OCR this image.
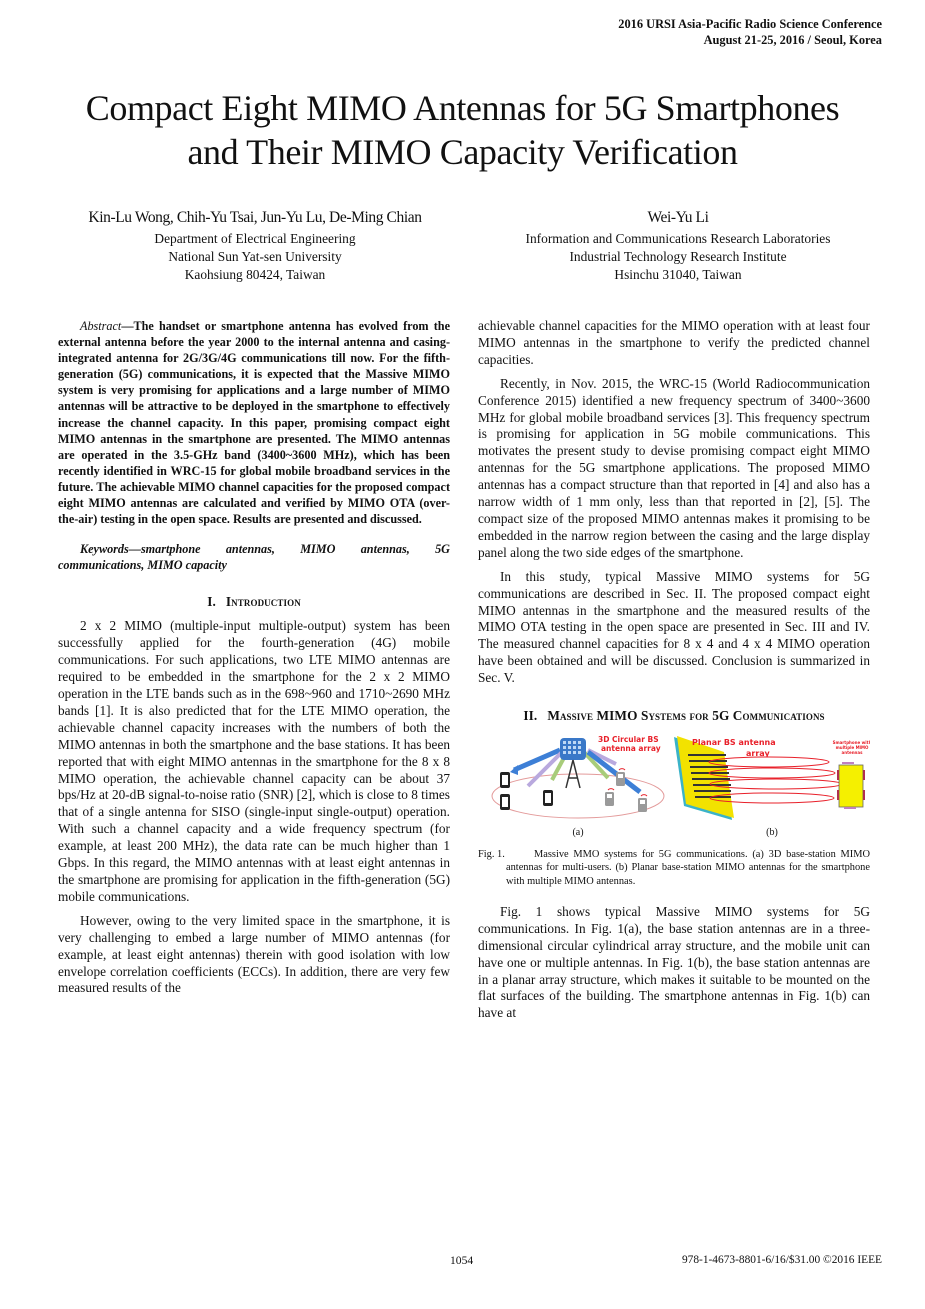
2016 URSI Asia-Pacific Radio Science Conference
August 21-25, 2016 / Seoul, Korea
Compact Eight MIMO Antennas for 5G Smartphones
and Their MIMO Capacity Verification
Kin-Lu Wong, Chih-Yu Tsai, Jun-Yu Lu, De-Ming Chian
Department of Electrical Engineering
National Sun Yat-sen University
Kaohsiung 80424, Taiwan
Wei-Yu Li
Information and Communications Research Laboratories
Industrial Technology Research Institute
Hsinchu 31040, Taiwan

Abstract—The handset or smartphone antenna has evolved from the external antenna before the year 2000 to the internal antenna and casing-integrated antenna for 2G/3G/4G communications till now. For the fifth-generation (5G) communications, it is expected that the Massive MIMO system is very promising for applications and a large number of MIMO antennas will be attractive to be deployed in the smartphone to effectively increase the channel capacity. In this paper, promising compact eight MIMO antennas in the smartphone are presented. The MIMO antennas are operated in the 3.5-GHz band (3400~3600 MHz), which has been recently identified in WRC-15 for global mobile broadband services in the future. The achievable MIMO channel capacities for the proposed compact eight MIMO antennas are calculated and verified by MIMO OTA (over-the-air) testing in the open space. Results are presented and discussed.

Keywords—smartphone antennas, MIMO antennas, 5G communications, MIMO capacity

I. Introduction

2 x 2 MIMO (multiple-input multiple-output) system has been successfully applied for the fourth-generation (4G) mobile communications. For such applications, two LTE MIMO antennas are required to be embedded in the smartphone for the 2 x 2 MIMO operation in the LTE bands such as in the 698~960 and 1710~2690 MHz bands [1]. It is also predicted that for the LTE MIMO operation, the achievable channel capacity increases with the numbers of both the MIMO antennas in both the smartphone and the base stations. It has been reported that with eight MIMO antennas in the smartphone for the 8 x 8 MIMO operation, the achievable channel capacity can be about 37 bps/Hz at 20-dB signal-to-noise ratio (SNR) [2], which is close to 8 times that of a single antenna for SISO (single-input single-output) operation. With such a channel capacity and a wide frequency spectrum (for example, at least 200 MHz), the data rate can be much higher than 1 Gbps. In this regard, the MIMO antennas with at least eight antennas in the smartphone are promising for application in the fifth-generation (5G) mobile communications.

However, owing to the very limited space in the smartphone, it is very challenging to embed a large number of MIMO antennas (for example, at least eight antennas) therein with good isolation with low envelope correlation coefficients (ECCs). In addition, there are very few measured results of the

achievable channel capacities for the MIMO operation with at least four MIMO antennas in the smartphone to verify the predicted channel capacities.

Recently, in Nov. 2015, the WRC-15 (World Radiocommunication Conference 2015) identified a new frequency spectrum of 3400~3600 MHz for global mobile broadband services [3]. This frequency spectrum is promising for application in 5G mobile communications. This motivates the present study to devise promising compact eight MIMO antennas for the 5G smartphone applications. The proposed MIMO antennas has a compact structure than that reported in [4] and also has a narrow width of 1 mm only, less than that reported in [2], [5]. The compact size of the proposed MIMO antennas makes it promising to be embedded in the narrow region between the casing and the large display panel along the two side edges of the smartphone.

In this study, typical Massive MIMO systems for 5G communications are described in Sec. II. The proposed compact eight MIMO antennas in the smartphone and the measured results of the MIMO OTA testing in the open space are presented in Sec. III and IV. The measured channel capacities for 8 x 4 and 4 x 4 MIMO operation have been obtained and will be discussed. Conclusion is summarized in Sec. V.

II. Massive MIMO Systems for 5G Communications
3D Circular BS
antenna array
(a)
Planar BS antenna
array
Smartphone with
multiple MIMO
antennas
(b)

Fig. 1.	Massive MMO systems for 5G communications. (a) 3D base-station MIMO antennas for multi-users. (b) Planar base-station MIMO antennas for the smartphone with multiple MIMO antennas.

Fig. 1 shows typical Massive MIMO systems for 5G communications. In Fig. 1(a), the base station antennas are in a three-dimensional circular cylindrical array structure, and the mobile unit can have one or multiple antennas. In Fig. 1(b), the base station antennas are in a planar array structure, which makes it suitable to be mounted on the flat surfaces of the building. The smartphone antennas in Fig. 1(b) can have at

1054	978-1-4673-8801-6/16/$31.00 ©2016 IEEE
